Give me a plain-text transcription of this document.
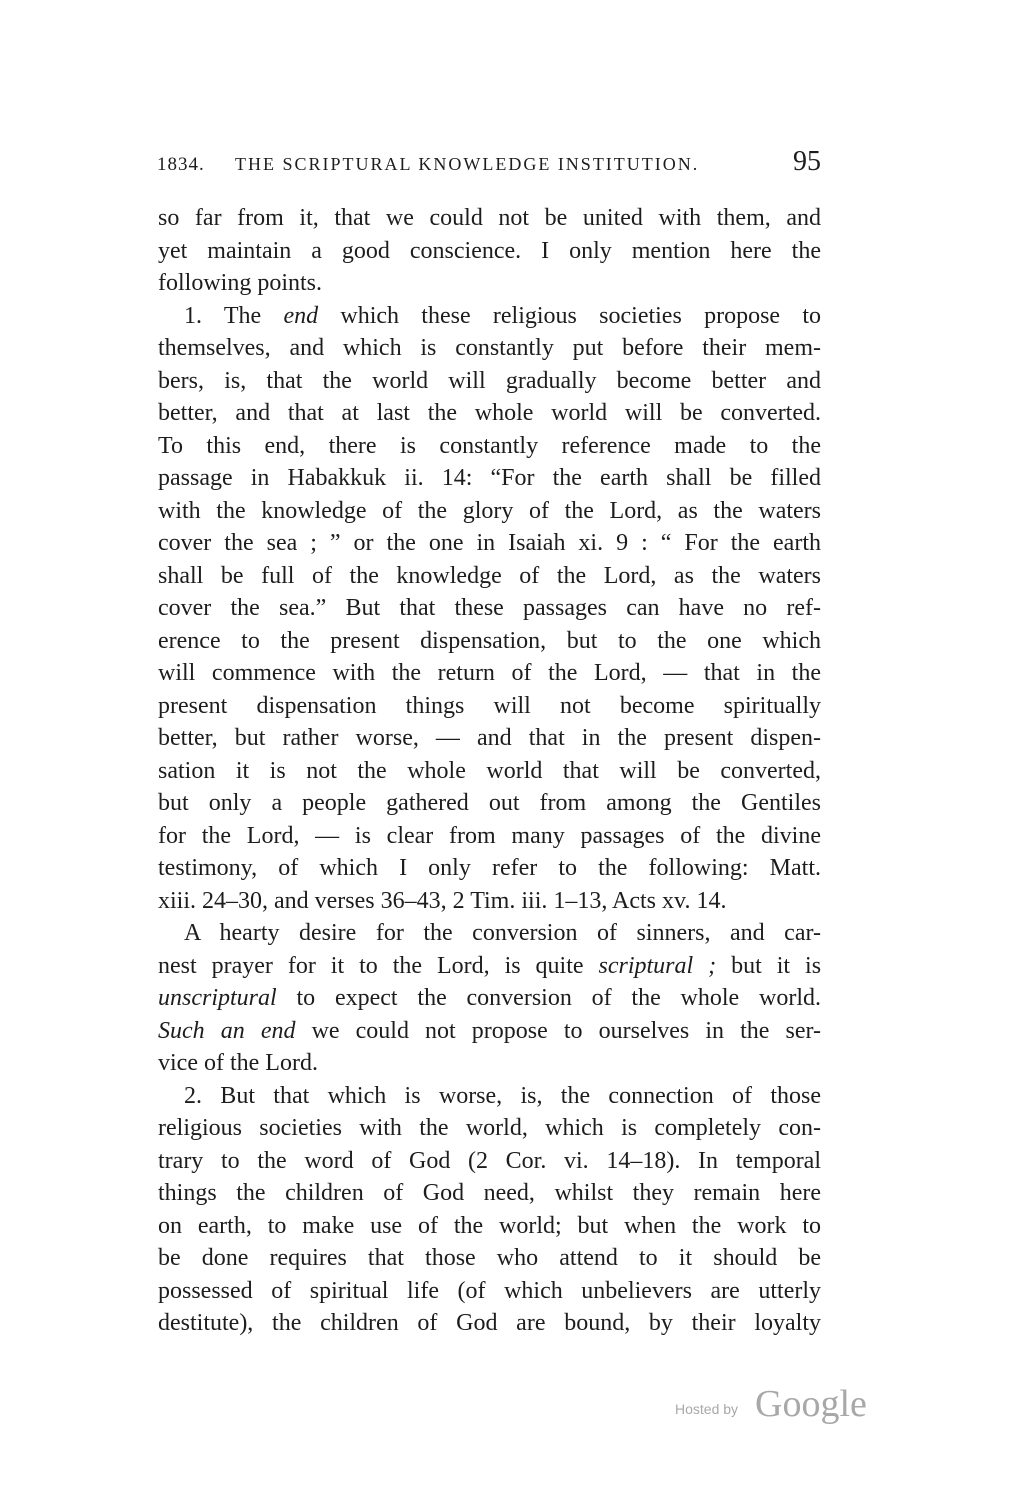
1834. THE SCRIPTURAL KNOWLEDGE INSTITUTION.	95
so far from it, that we could not be united with them, and
yet maintain a good conscience. I only mention here the
following points.
1. The end which these religious societies propose to
themselves, and which is constantly put before their mem-
bers, is, that the world will gradually become better and
better, and that at last the whole world will be converted.
To this end, there is constantly reference made to the
passage in Habakkuk ii. 14: “For the earth shall be filled
with the knowledge of the glory of the Lord, as the waters
cover the sea ; ” or the one in Isaiah xi. 9 : “ For the earth
shall be full of the knowledge of the Lord, as the waters
cover the sea.” But that these passages can have no ref-
erence to the present dispensation, but to the one which
will commence with the return of the Lord, — that in the
present dispensation things will not become spiritually
better, but rather worse, — and that in the present dispen-
sation it is not the whole world that will be converted,
but only a people gathered out from among the Gentiles
for the Lord, — is clear from many passages of the divine
testimony, of which I only refer to the following: Matt.
xiii. 24–30, and verses 36–43, 2 Tim. iii. 1–13, Acts xv. 14.
A hearty desire for the conversion of sinners, and car-
nest prayer for it to the Lord, is quite scriptural ; but it is
unscriptural to expect the conversion of the whole world.
Such an end we could not propose to ourselves in the ser-
vice of the Lord.
2. But that which is worse, is, the connection of those
religious societies with the world, which is completely con-
trary to the word of God (2 Cor. vi. 14–18). In temporal
things the children of God need, whilst they remain here
on earth, to make use of the world; but when the work to
be done requires that those who attend to it should be
possessed of spiritual life (of which unbelievers are utterly
destitute), the children of God are bound, by their loyalty
Hosted by Google
